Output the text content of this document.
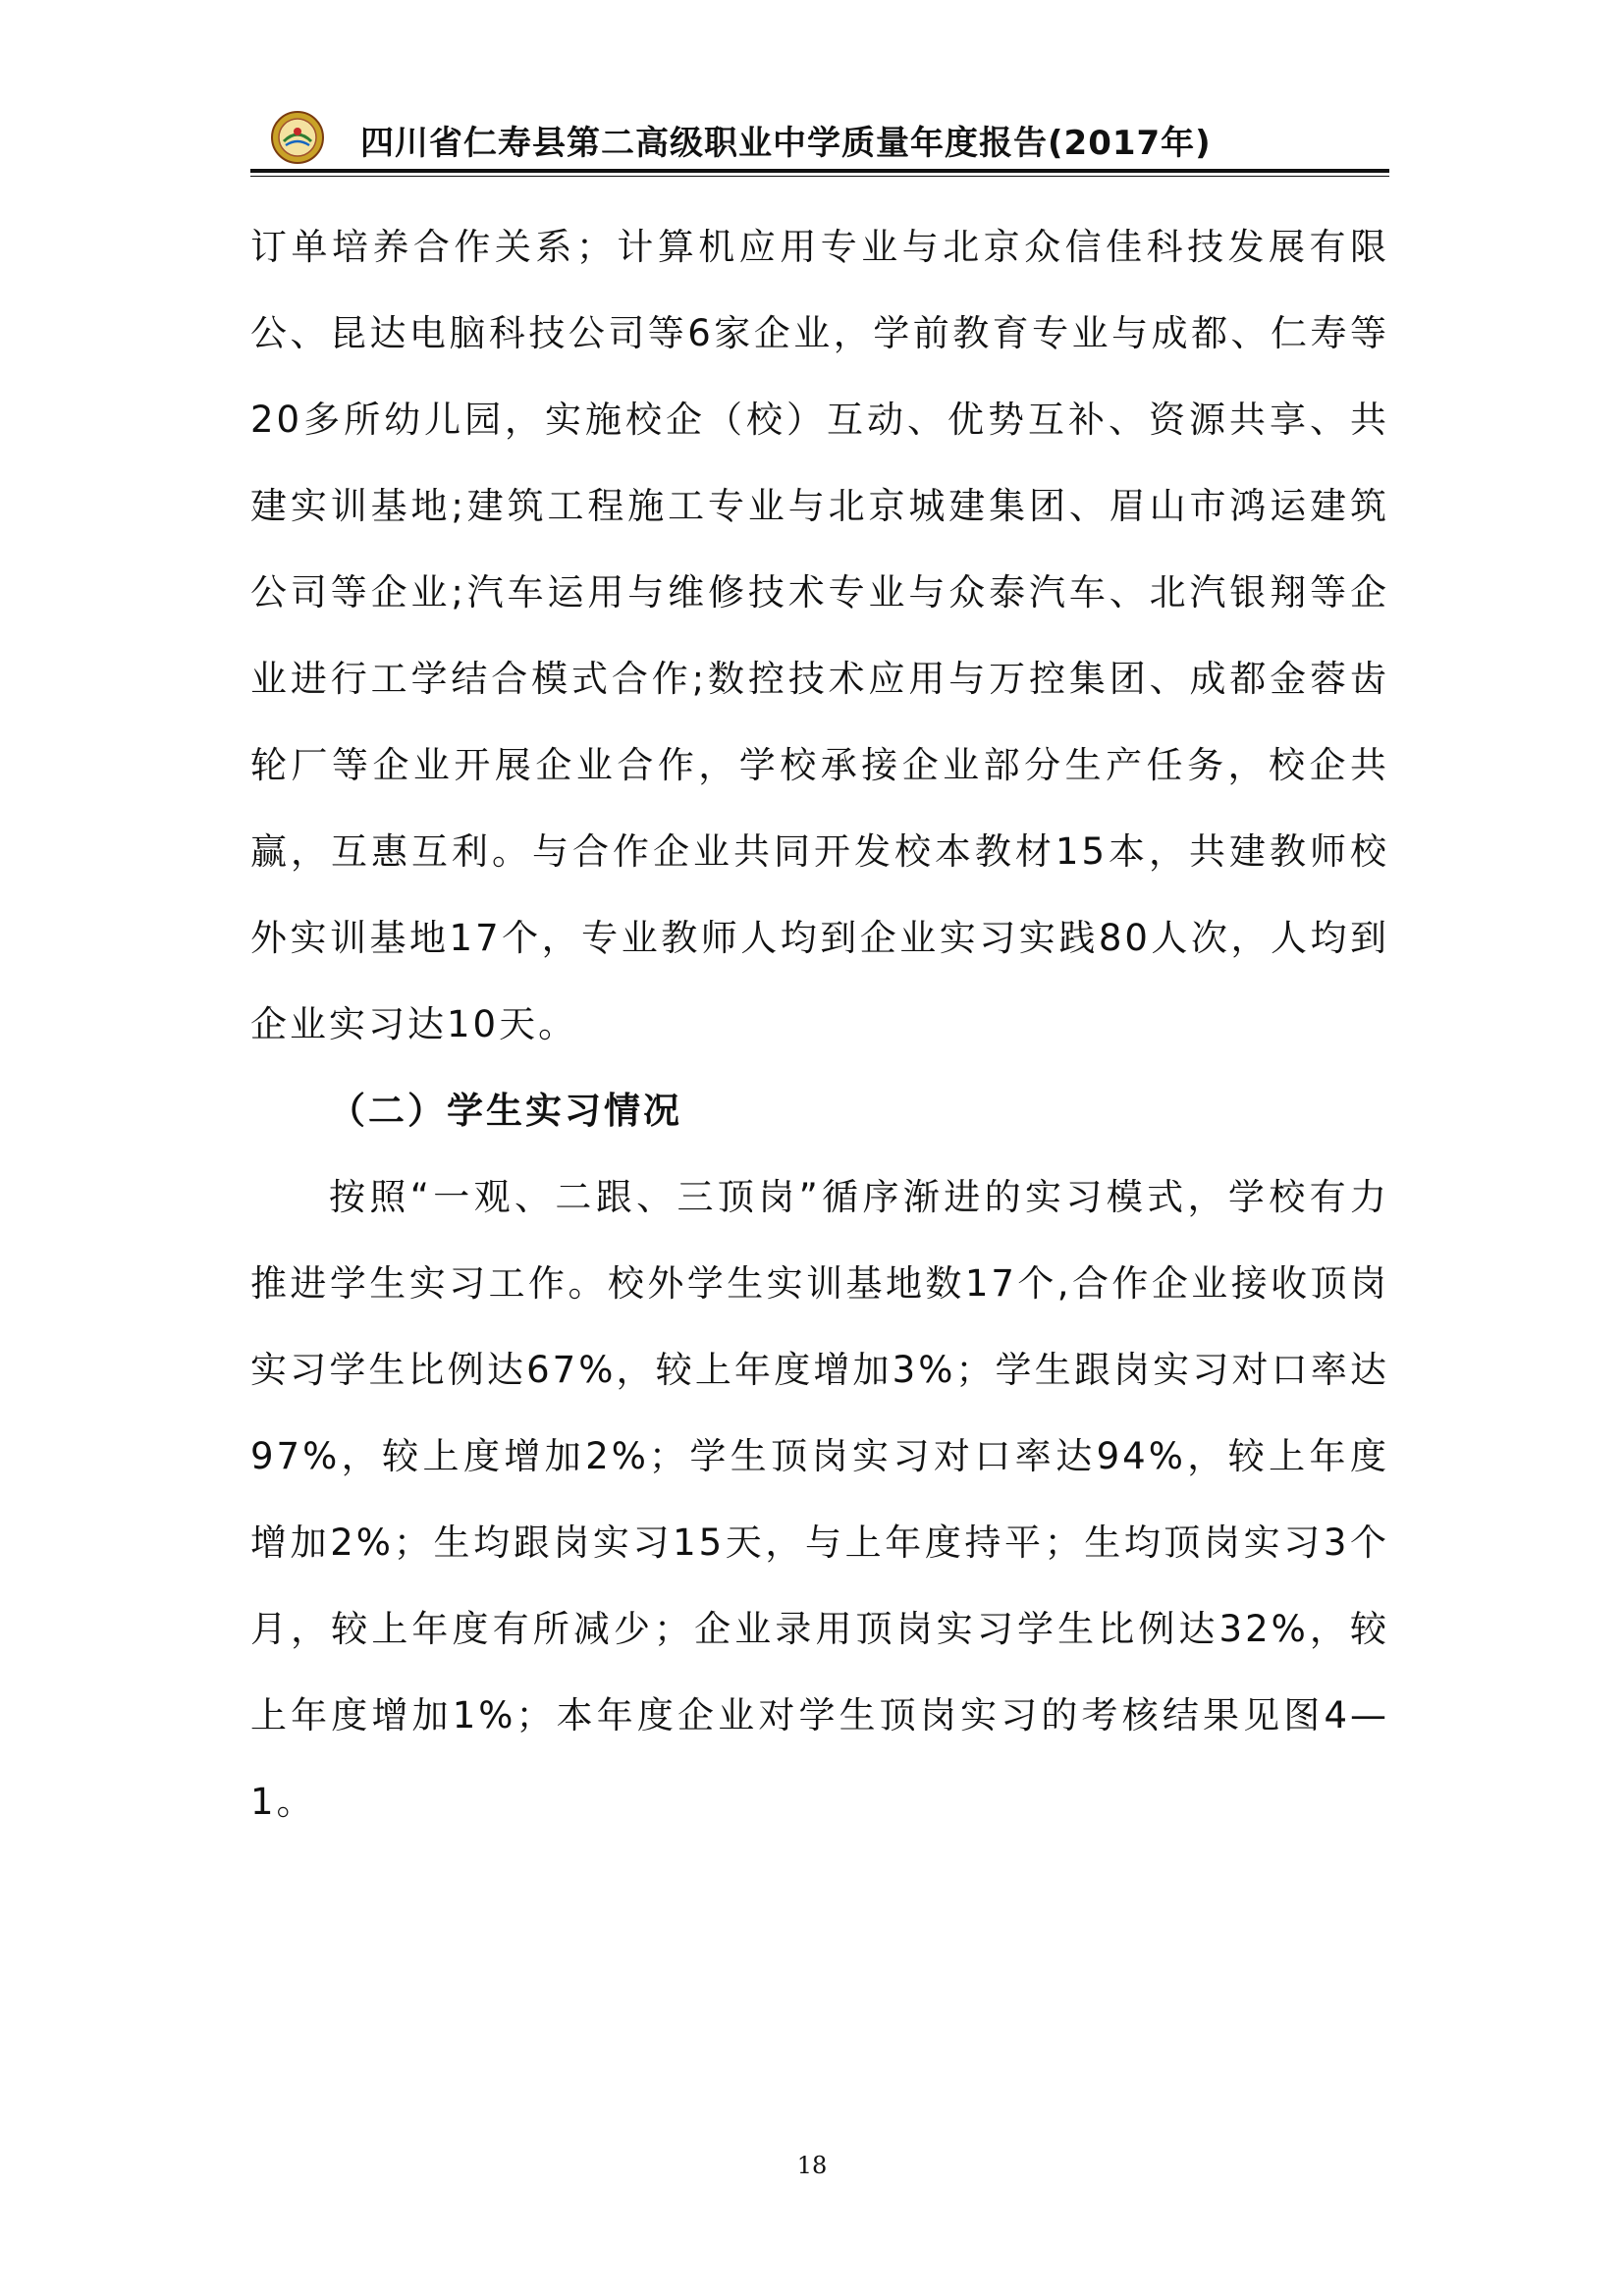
四川省仁寿县第二高级职业中学质量年度报告(2017年)

订单培养合作关系；计算机应用专业与北京众信佳科技发展有限公、昆达电脑科技公司等6家企业，学前教育专业与成都、仁寿等20多所幼儿园，实施校企（校）互动、优势互补、资源共享、共建实训基地;建筑工程施工专业与北京城建集团、眉山市鸿运建筑公司等企业;汽车运用与维修技术专业与众泰汽车、北汽银翔等企业进行工学结合模式合作;数控技术应用与万控集团、成都金蓉齿轮厂等企业开展企业合作，学校承接企业部分生产任务，校企共赢，互惠互利。与合作企业共同开发校本教材15本，共建教师校外实训基地17个，专业教师人均到企业实习实践80人次，人均到企业实习达10天。

（二）学生实习情况

按照“一观、二跟、三顶岗”循序渐进的实习模式，学校有力推进学生实习工作。校外学生实训基地数17个,合作企业接收顶岗实习学生比例达67%，较上年度增加3%；学生跟岗实习对口率达97%，较上度增加2%；学生顶岗实习对口率达94%，较上年度增加2%；生均跟岗实习15天，与上年度持平；生均顶岗实习3个月，较上年度有所减少；企业录用顶岗实习学生比例达32%，较上年度增加1%；本年度企业对学生顶岗实习的考核结果见图4—1。

18
